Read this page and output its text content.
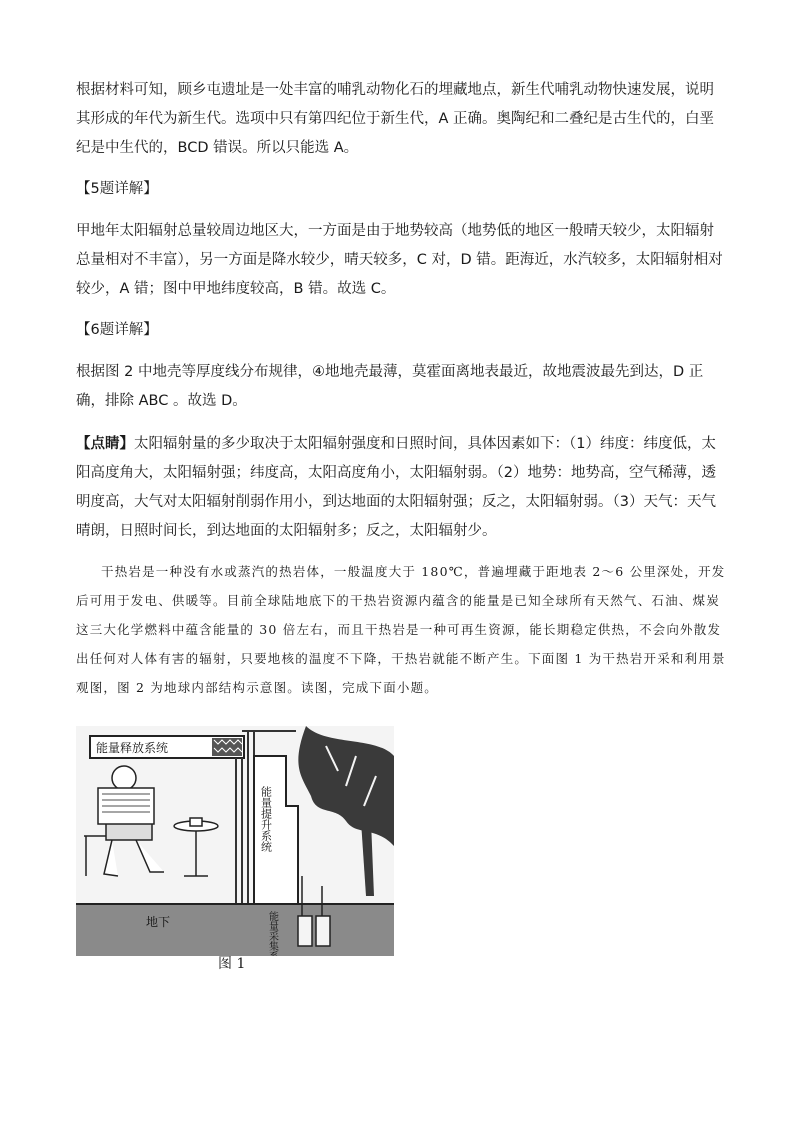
根据材料可知，顾乡屯遗址是一处丰富的哺乳动物化石的埋藏地点，新生代哺乳动物快速发展，说明其形成的年代为新生代。选项中只有第四纪位于新生代，A 正确。奥陶纪和二叠纪是古生代的，白垩纪是中生代的，BCD 错误。所以只能选 A。

【5题详解】

甲地年太阳辐射总量较周边地区大，一方面是由于地势较高（地势低的地区一般晴天较少，太阳辐射总量相对不丰富），另一方面是降水较少，晴天较多，C 对，D 错。距海近，水汽较多，太阳辐射相对较少，A 错；图中甲地纬度较高，B 错。故选 C。

【6题详解】

根据图 2 中地壳等厚度线分布规律，④地地壳最薄，莫霍面离地表最近，故地震波最先到达，D 正确，排除 ABC 。故选 D。

【点睛】太阳辐射量的多少取决于太阳辐射强度和日照时间，具体因素如下：（1）纬度：纬度低，太阳高度角大，太阳辐射强；纬度高，太阳高度角小，太阳辐射弱。（2）地势：地势高，空气稀薄，透明度高，大气对太阳辐射削弱作用小，到达地面的太阳辐射强；反之，太阳辐射弱。（3）天气：天气晴朗，日照时间长，到达地面的太阳辐射多；反之，太阳辐射少。

干热岩是一种没有水或蒸汽的热岩体，一般温度大于 180℃，普遍埋藏于距地表 2～6 公里深处，开发后可用于发电、供暖等。目前全球陆地底下的干热岩资源内蕴含的能量是已知全球所有天然气、石油、煤炭这三大化学燃料中蕴含能量的 30 倍左右，而且干热岩是一种可再生资源，能长期稳定供热，不会向外散发出任何对人体有害的辐射，只要地核的温度不下降，干热岩就能不断产生。下面图 1 为干热岩开采和利用景观图，图 2 为地球内部结构示意图。读图，完成下面小题。

能量释放系统
能量提升系统
地下	能量采集系统
图 1
